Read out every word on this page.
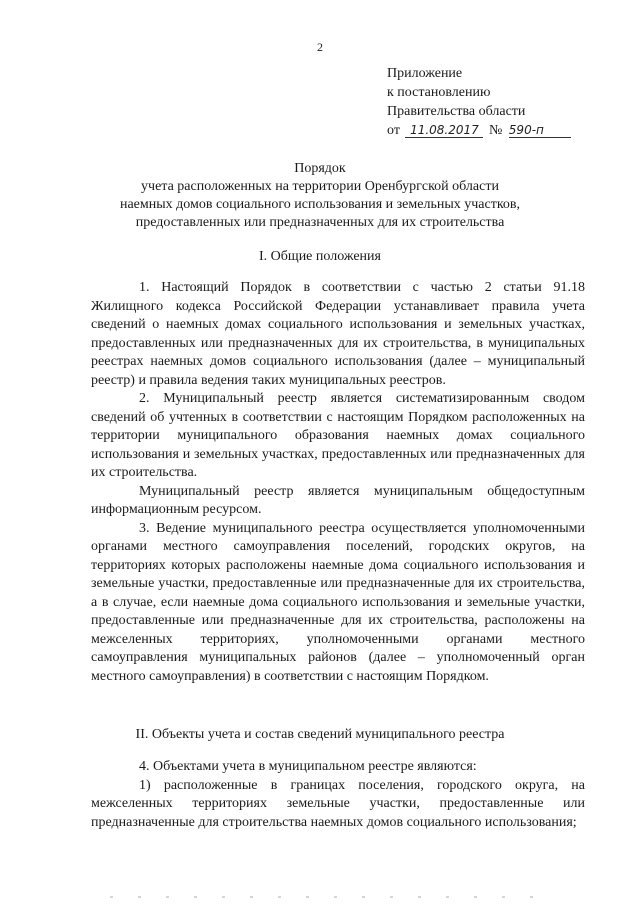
2
Приложение
к постановлению
Правительства области
от 11.08.2017 № 590-п
Порядок
учета расположенных на территории Оренбургской области
наемных домов социального использования и земельных участков,
предоставленных или предназначенных для их строительства
I. Общие положения

1. Настоящий Порядок в соответствии с частью 2 статьи 91.18 Жилищного кодекса Российской Федерации устанавливает правила учета сведений о наемных домах социального использования и земельных участках, предоставленных или предназначенных для их строительства, в муниципальных реестрах наемных домов социального использования (далее – муниципальный реестр) и правила ведения таких муниципальных реестров.

2. Муниципальный реестр является систематизированным сводом сведений об учтенных в соответствии с настоящим Порядком расположенных на территории муниципального образования наемных домах социального использования и земельных участках, предоставленных или предназначенных для их строительства.

Муниципальный реестр является муниципальным общедоступным информационным ресурсом.

3. Ведение муниципального реестра осуществляется уполномоченными органами местного самоуправления поселений, городских округов, на территориях которых расположены наемные дома социального использования и земельные участки, предоставленные или предназначенные для их строительства, а в случае, если наемные дома социального использования и земельные участки, предоставленные или предназначенные для их строительства, расположены на межселенных территориях, уполномоченными органами местного самоуправления муниципальных районов (далее – уполномоченный орган местного самоуправления) в соответствии с настоящим Порядком.

II. Объекты учета и состав сведений муниципального реестра

4. Объектами учета в муниципальном реестре являются:

1) расположенные в границах поселения, городского округа, на межселенных территориях земельные участки, предоставленные или предназначенные для строительства наемных домов социального использования;
